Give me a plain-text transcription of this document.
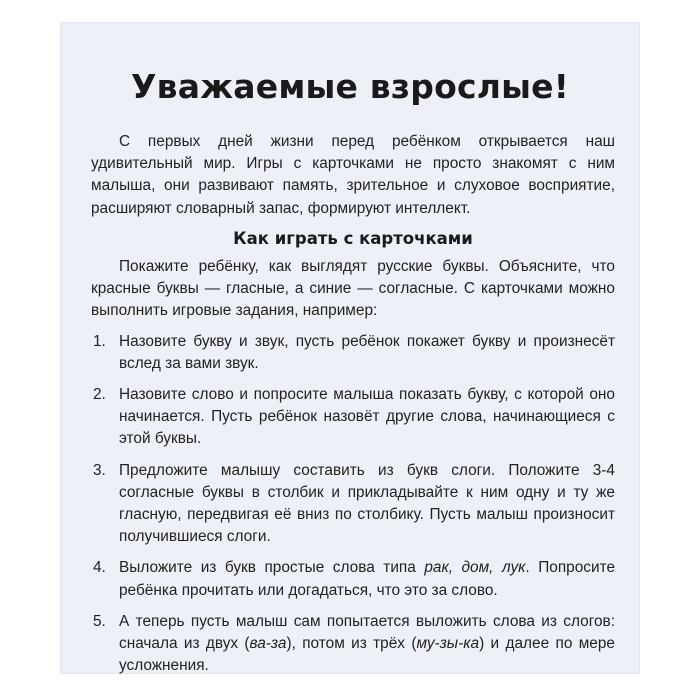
Уважаемые взрослые!

С первых дней жизни перед ребёнком открывается наш удивительный мир. Игры с карточками не просто знакомят с ним малыша, они развивают память, зрительное и слуховое восприятие, расширяют словарный запас, формируют интеллект.

Как играть с карточками

Покажите ребёнку, как выглядят русские буквы. Объясните, что красные буквы — гласные, а синие — согласные. С карточками можно выполнить игровые задания, например:

1. Назовите букву и звук, пусть ребёнок покажет букву и произнесёт вслед за вами звук.
2. Назовите слово и попросите малыша показать букву, с которой оно начинается. Пусть ребёнок назовёт другие слова, начинающиеся с этой буквы.
3. Предложите малышу составить из букв слоги. Положите 3-4 согласные буквы в столбик и прикладывайте к ним одну и ту же гласную, передвигая её вниз по столбику. Пусть малыш произносит получившиеся слоги.
4. Выложите из букв простые слова типа рак, дом, лук. Попросите ребёнка прочитать или догадаться, что это за слово.
5. А теперь пусть малыш сам попытается выложить слова из слогов: сначала из двух (ва-за), потом из трёх (му-зы-ка) и далее по мере усложнения.
